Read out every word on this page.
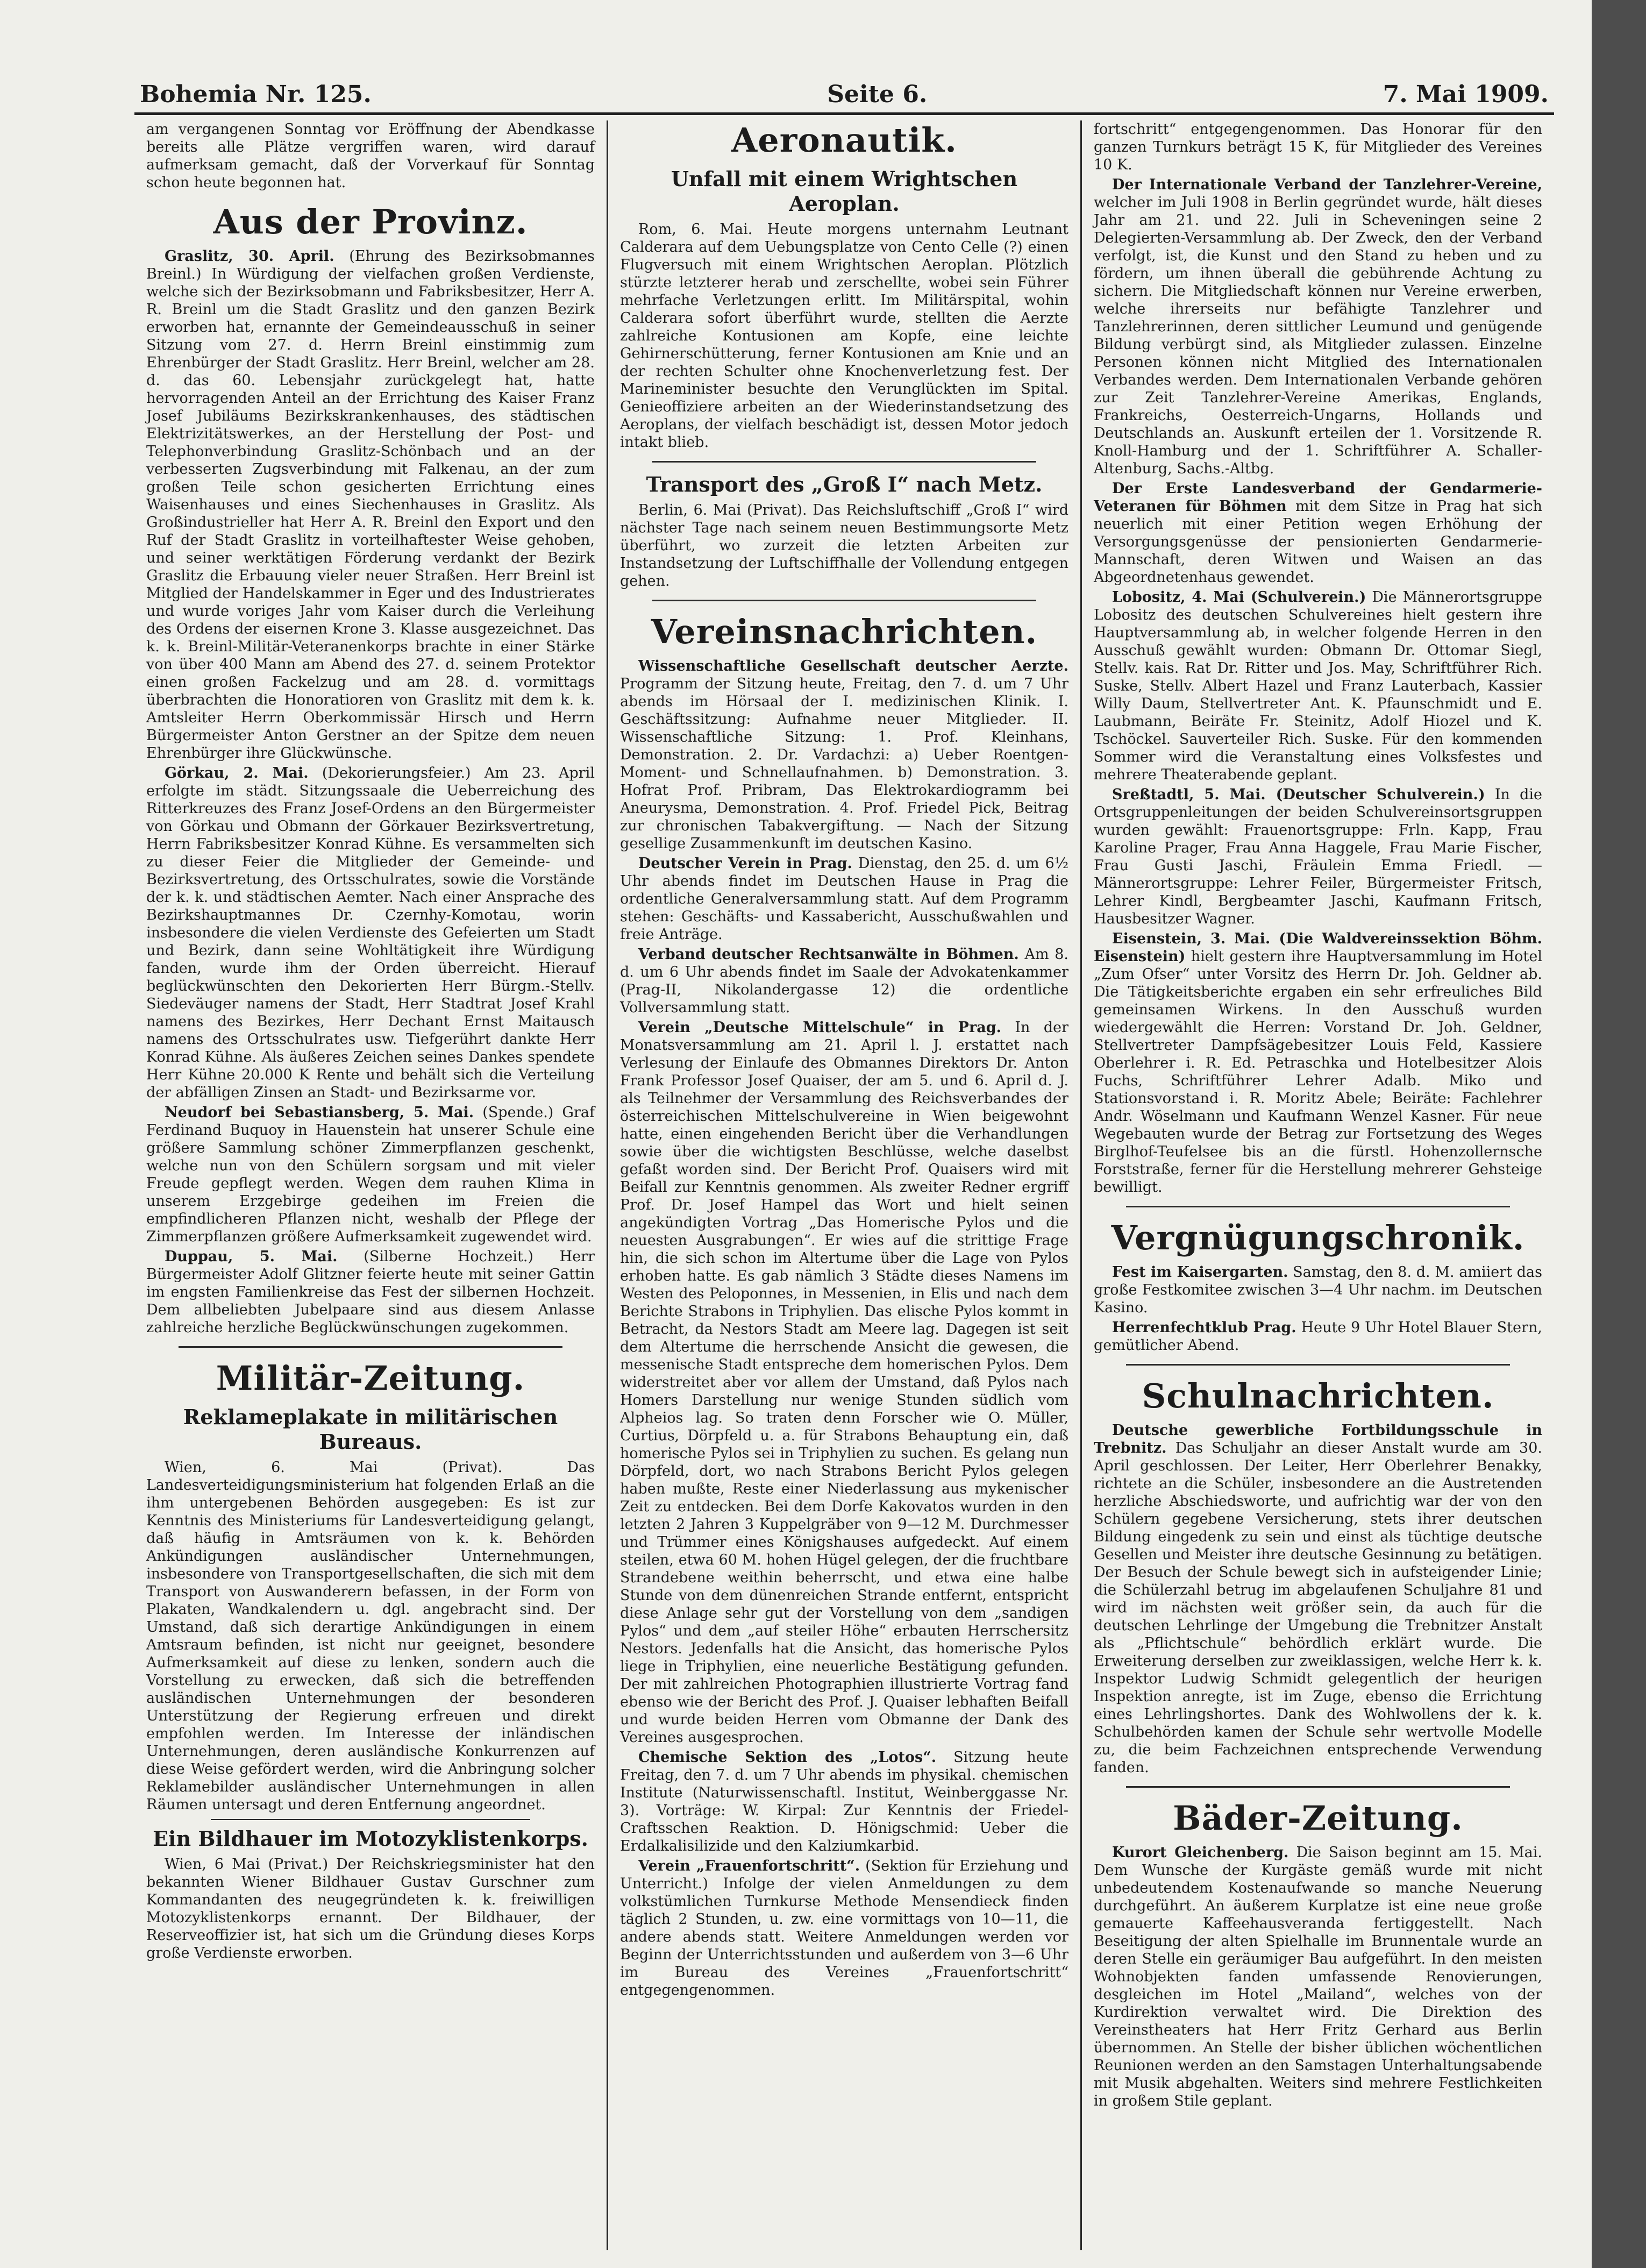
Bohemia Nr. 125.	Seite 6.	7. Mai 1909.

am vergangenen Sonntag vor Eröffnung der Abendkasse bereits alle Plätze vergriffen waren, wird darauf aufmerksam gemacht, daß der Vorverkauf für Sonntag schon heute begonnen hat.

Aus der Provinz.

Graslitz, 30. April. (Ehrung des Bezirksobmannes Breinl.) In Würdigung der vielfachen großen Verdienste, welche sich der Bezirksobmann und Fabriksbesitzer, Herr A. R. Breinl um die Stadt Graslitz und den ganzen Bezirk erworben hat, ernannte der Gemeindeausschuß in seiner Sitzung vom 27. d. Herrn Breinl einstimmig zum Ehrenbürger der Stadt Graslitz. Herr Breinl, welcher am 28. d. das 60. Lebensjahr zurückgelegt hat, hatte hervorragenden Anteil an der Errichtung des Kaiser Franz Josef Jubiläums Bezirkskrankenhauses, des städtischen Elektrizitätswerkes, an der Herstellung der Post- und Telephonverbindung Graslitz-Schönbach und an der verbesserten Zugsverbindung mit Falkenau, an der zum großen Teile schon gesicherten Errichtung eines Waisenhauses und eines Siechenhauses in Graslitz. Als Großindustrieller hat Herr A. R. Breinl den Export und den Ruf der Stadt Graslitz in vorteilhaftester Weise gehoben, und seiner werktätigen Förderung verdankt der Bezirk Graslitz die Erbauung vieler neuer Straßen. Herr Breinl ist Mitglied der Handelskammer in Eger und des Industrierates und wurde voriges Jahr vom Kaiser durch die Verleihung des Ordens der eisernen Krone 3. Klasse ausgezeichnet. Das k. k. Breinl-Militär-Veteranenkorps brachte in einer Stärke von über 400 Mann am Abend des 27. d. seinem Protektor einen großen Fackelzug und am 28. d. vormittags überbrachten die Honoratioren von Graslitz mit dem k. k. Amtsleiter Herrn Oberkommissär Hirsch und Herrn Bürgermeister Anton Gerstner an der Spitze dem neuen Ehrenbürger ihre Glückwünsche.

Görkau, 2. Mai. (Dekorierungsfeier.) Am 23. April erfolgte im städt. Sitzungssaale die Ueberreichung des Ritterkreuzes des Franz Josef-Ordens an den Bürgermeister von Görkau und Obmann der Görkauer Bezirksvertretung, Herrn Fabriksbesitzer Konrad Kühne. Es versammelten sich zu dieser Feier die Mitglieder der Gemeinde- und Bezirksvertretung, des Ortsschulrates, sowie die Vorstände der k. k. und städtischen Aemter. Nach einer Ansprache des Bezirkshauptmannes Dr. Czernhy-Komotau, worin insbesondere die vielen Verdienste des Gefeierten um Stadt und Bezirk, dann seine Wohltätigkeit ihre Würdigung fanden, wurde ihm der Orden überreicht. Hierauf beglückwünschten den Dekorierten Herr Bürgm.-Stellv. Siedeväuger namens der Stadt, Herr Stadtrat Josef Krahl namens des Bezirkes, Herr Dechant Ernst Maitausch namens des Ortsschulrates usw. Tiefgerührt dankte Herr Konrad Kühne. Als äußeres Zeichen seines Dankes spendete Herr Kühne 20.000 K Rente und behält sich die Verteilung der abfälligen Zinsen an Stadt- und Bezirksarme vor.

Neudorf bei Sebastiansberg, 5. Mai. (Spende.) Graf Ferdinand Buquoy in Hauenstein hat unserer Schule eine größere Sammlung schöner Zimmerpflanzen geschenkt, welche nun von den Schülern sorgsam und mit vieler Freude gepflegt werden. Wegen dem rauhen Klima in unserem Erzgebirge gedeihen im Freien die empfindlicheren Pflanzen nicht, weshalb der Pflege der Zimmerpflanzen größere Aufmerksamkeit zugewendet wird.

Duppau, 5. Mai. (Silberne Hochzeit.) Herr Bürgermeister Adolf Glitzner feierte heute mit seiner Gattin im engsten Familienkreise das Fest der silbernen Hochzeit. Dem allbeliebten Jubelpaare sind aus diesem Anlasse zahlreiche herzliche Beglückwünschungen zugekommen.

Militär-Zeitung.
Reklameplakate in militärischen Bureaus.

Wien, 6. Mai (Privat). Das Landesverteidigungsministerium hat folgenden Erlaß an die ihm untergebenen Behörden ausgegeben: Es ist zur Kenntnis des Ministeriums für Landesverteidigung gelangt, daß häufig in Amtsräumen von k. k. Behörden Ankündigungen ausländischer Unternehmungen, insbesondere von Transportgesellschaften, die sich mit dem Transport von Auswanderern befassen, in der Form von Plakaten, Wandkalendern u. dgl. angebracht sind. Der Umstand, daß sich derartige Ankündigungen in einem Amtsraum befinden, ist nicht nur geeignet, besondere Aufmerksamkeit auf diese zu lenken, sondern auch die Vorstellung zu erwecken, daß sich die betreffenden ausländischen Unternehmungen der besonderen Unterstützung der Regierung erfreuen und direkt empfohlen werden. Im Interesse der inländischen Unternehmungen, deren ausländische Konkurrenzen auf diese Weise gefördert werden, wird die Anbringung solcher Reklamebilder ausländischer Unternehmungen in allen Räumen untersagt und deren Entfernung angeordnet.

Ein Bildhauer im Motozyklistenkorps.

Wien, 6 Mai (Privat.) Der Reichskriegsminister hat den bekannten Wiener Bildhauer Gustav Gurschner zum Kommandanten des neugegründeten k. k. freiwilligen Motozyklistenkorps ernannt. Der Bildhauer, der Reserveoffizier ist, hat sich um die Gründung dieses Korps große Verdienste erworben.

Aeronautik.
Unfall mit einem Wrightschen Aeroplan.

Rom, 6. Mai. Heute morgens unternahm Leutnant Calderara auf dem Uebungsplatze von Cento Celle (?) einen Flugversuch mit einem Wrightschen Aeroplan. Plötzlich stürzte letzterer herab und zerschellte, wobei sein Führer mehrfache Verletzungen erlitt. Im Militärspital, wohin Calderara sofort überführt wurde, stellten die Aerzte zahlreiche Kontusionen am Kopfe, eine leichte Gehirnerschütterung, ferner Kontusionen am Knie und an der rechten Schulter ohne Knochenverletzung fest. Der Marineminister besuchte den Verunglückten im Spital. Genieoffiziere arbeiten an der Wiederinstandsetzung des Aeroplans, der vielfach beschädigt ist, dessen Motor jedoch intakt blieb.

Transport des „Groß I“ nach Metz.

Berlin, 6. Mai (Privat). Das Reichsluftschiff „Groß I“ wird nächster Tage nach seinem neuen Bestimmungsorte Metz überführt, wo zurzeit die letzten Arbeiten zur Instandsetzung der Luftschiffhalle der Vollendung entgegen gehen.

Vereinsnachrichten.

Wissenschaftliche Gesellschaft deutscher Aerzte. Programm der Sitzung heute, Freitag, den 7. d. um 7 Uhr abends im Hörsaal der I. medizinischen Klinik. I. Geschäftssitzung: Aufnahme neuer Mitglieder. II. Wissenschaftliche Sitzung: 1. Prof. Kleinhans, Demonstration. 2. Dr. Vardachzi: a) Ueber Roentgen-Moment- und Schnellaufnahmen. b) Demonstration. 3. Hofrat Prof. Pribram, Das Elektrokardiogramm bei Aneurysma, Demonstration. 4. Prof. Friedel Pick, Beitrag zur chronischen Tabakvergiftung. — Nach der Sitzung gesellige Zusammenkunft im deutschen Kasino.

Deutscher Verein in Prag. Dienstag, den 25. d. um 6½ Uhr abends findet im Deutschen Hause in Prag die ordentliche Generalversammlung statt. Auf dem Programm stehen: Geschäfts- und Kassabericht, Ausschußwahlen und freie Anträge.

Verband deutscher Rechtsanwälte in Böhmen. Am 8. d. um 6 Uhr abends findet im Saale der Advokatenkammer (Prag-II, Nikolandergasse 12) die ordentliche Vollversammlung statt.

Verein „Deutsche Mittelschule“ in Prag. In der Monatsversammlung am 21. April l. J. erstattet nach Verlesung der Einlaufe des Obmannes Direktors Dr. Anton Frank Professor Josef Quaiser, der am 5. und 6. April d. J. als Teilnehmer der Versammlung des Reichsverbandes der österreichischen Mittelschulvereine in Wien beigewohnt hatte, einen eingehenden Bericht über die Verhandlungen sowie über die wichtigsten Beschlüsse, welche daselbst gefaßt worden sind. Der Bericht Prof. Quaisers wird mit Beifall zur Kenntnis genommen. Als zweiter Redner ergriff Prof. Dr. Josef Hampel das Wort und hielt seinen angekündigten Vortrag „Das Homerische Pylos und die neuesten Ausgrabungen“. Er wies auf die strittige Frage hin, die sich schon im Altertume über die Lage von Pylos erhoben hatte. Es gab nämlich 3 Städte dieses Namens im Westen des Peloponnes, in Messenien, in Elis und nach dem Berichte Strabons in Triphylien. Das elische Pylos kommt in Betracht, da Nestors Stadt am Meere lag. Dagegen ist seit dem Altertume die herrschende Ansicht die gewesen, die messenische Stadt entspreche dem homerischen Pylos. Dem widerstreitet aber vor allem der Umstand, daß Pylos nach Homers Darstellung nur wenige Stunden südlich vom Alpheios lag. So traten denn Forscher wie O. Müller, Curtius, Dörpfeld u. a. für Strabons Behauptung ein, daß homerische Pylos sei in Triphylien zu suchen. Es gelang nun Dörpfeld, dort, wo nach Strabons Bericht Pylos gelegen haben mußte, Reste einer Niederlassung aus mykenischer Zeit zu entdecken. Bei dem Dorfe Kakovatos wurden in den letzten 2 Jahren 3 Kuppelgräber von 9—12 M. Durchmesser und Trümmer eines Königshauses aufgedeckt. Auf einem steilen, etwa 60 M. hohen Hügel gelegen, der die fruchtbare Strandebene weithin beherrscht, und etwa eine halbe Stunde von dem dünenreichen Strande entfernt, entspricht diese Anlage sehr gut der Vorstellung von dem „sandigen Pylos“ und dem „auf steiler Höhe“ erbauten Herrschersitz Nestors. Jedenfalls hat die Ansicht, das homerische Pylos liege in Triphylien, eine neuerliche Bestätigung gefunden. Der mit zahlreichen Photographien illustrierte Vortrag fand ebenso wie der Bericht des Prof. J. Quaiser lebhaften Beifall und wurde beiden Herren vom Obmanne der Dank des Vereines ausgesprochen.

Chemische Sektion des „Lotos“. Sitzung heute Freitag, den 7. d. um 7 Uhr abends im physikal. chemischen Institute (Naturwissenschaftl. Institut, Weinberggasse Nr. 3). Vorträge: W. Kirpal: Zur Kenntnis der Friedel-Craftsschen Reaktion. D. Hönigschmid: Ueber die Erdalkalisilizide und den Kalziumkarbid.

Verein „Frauenfortschritt“. (Sektion für Erziehung und Unterricht.) Infolge der vielen Anmeldungen zu dem volkstümlichen Turnkurse Methode Mensendieck finden täglich 2 Stunden, u. zw. eine vormittags von 10—11, die andere abends statt. Weitere Anmeldungen werden vor Beginn der Unterrichtsstunden und außerdem von 3—6 Uhr im Bureau des Vereines „Frauenfortschritt“ entgegengenommen.

fortschritt“ entgegengenommen. Das Honorar für den ganzen Turnkurs beträgt 15 K, für Mitglieder des Vereines 10 K.

Der Internationale Verband der Tanzlehrer-Vereine, welcher im Juli 1908 in Berlin gegründet wurde, hält dieses Jahr am 21. und 22. Juli in Scheveningen seine 2 Delegierten-Versammlung ab. Der Zweck, den der Verband verfolgt, ist, die Kunst und den Stand zu heben und zu fördern, um ihnen überall die gebührende Achtung zu sichern. Die Mitgliedschaft können nur Vereine erwerben, welche ihrerseits nur befähigte Tanzlehrer und Tanzlehrerinnen, deren sittlicher Leumund und genügende Bildung verbürgt sind, als Mitglieder zulassen. Einzelne Personen können nicht Mitglied des Internationalen Verbandes werden. Dem Internationalen Verbande gehören zur Zeit Tanzlehrer-Vereine Amerikas, Englands, Frankreichs, Oesterreich-Ungarns, Hollands und Deutschlands an. Auskunft erteilen der 1. Vorsitzende R. Knoll-Hamburg und der 1. Schriftführer A. Schaller-Altenburg, Sachs.-Altbg.

Der Erste Landesverband der Gendarmerie-Veteranen für Böhmen mit dem Sitze in Prag hat sich neuerlich mit einer Petition wegen Erhöhung der Versorgungsgenüsse der pensionierten Gendarmerie-Mannschaft, deren Witwen und Waisen an das Abgeordnetenhaus gewendet.

Lobositz, 4. Mai (Schulverein.) Die Männerortsgruppe Lobositz des deutschen Schulvereines hielt gestern ihre Hauptversammlung ab, in welcher folgende Herren in den Ausschuß gewählt wurden: Obmann Dr. Ottomar Siegl, Stellv. kais. Rat Dr. Ritter und Jos. May, Schriftführer Rich. Suske, Stellv. Albert Hazel und Franz Lauterbach, Kassier Willy Daum, Stellvertreter Ant. K. Pfaunschmidt und E. Laubmann, Beiräte Fr. Steinitz, Adolf Hiozel und K. Tschöckel. Sauverteiler Rich. Suske. Für den kommenden Sommer wird die Veranstaltung eines Volksfestes und mehrere Theaterabende geplant.

Sreßtadtl, 5. Mai. (Deutscher Schulverein.) In die Ortsgruppenleitungen der beiden Schulvereinsortsgruppen wurden gewählt: Frauenortsgruppe: Frln. Kapp, Frau Karoline Prager, Frau Anna Haggele, Frau Marie Fischer, Frau Gusti Jaschi, Fräulein Emma Friedl. — Männerortsgruppe: Lehrer Feiler, Bürgermeister Fritsch, Lehrer Kindl, Bergbeamter Jaschi, Kaufmann Fritsch, Hausbesitzer Wagner.

Eisenstein, 3. Mai. (Die Waldvereinssektion Böhm. Eisenstein) hielt gestern ihre Hauptversammlung im Hotel „Zum Ofser“ unter Vorsitz des Herrn Dr. Joh. Geldner ab. Die Tätigkeitsberichte ergaben ein sehr erfreuliches Bild gemeinsamen Wirkens. In den Ausschuß wurden wiedergewählt die Herren: Vorstand Dr. Joh. Geldner, Stellvertreter Dampfsägebesitzer Louis Feld, Kassiere Oberlehrer i. R. Ed. Petraschka und Hotelbesitzer Alois Fuchs, Schriftführer Lehrer Adalb. Miko und Stationsvorstand i. R. Moritz Abele; Beiräte: Fachlehrer Andr. Wöselmann und Kaufmann Wenzel Kasner. Für neue Wegebauten wurde der Betrag zur Fortsetzung des Weges Birglhof-Teufelsee bis an die fürstl. Hohenzollernsche Forststraße, ferner für die Herstellung mehrerer Gehsteige bewilligt.

Vergnügungschronik.

Fest im Kaisergarten. Samstag, den 8. d. M. amiiert das große Festkomitee zwischen 3—4 Uhr nachm. im Deutschen Kasino.

Herrenfechtklub Prag. Heute 9 Uhr Hotel Blauer Stern, gemütlicher Abend.

Schulnachrichten.

Deutsche gewerbliche Fortbildungsschule in Trebnitz. Das Schuljahr an dieser Anstalt wurde am 30. April geschlossen. Der Leiter, Herr Oberlehrer Benakky, richtete an die Schüler, insbesondere an die Austretenden herzliche Abschiedsworte, und aufrichtig war der von den Schülern gegebene Versicherung, stets ihrer deutschen Bildung eingedenk zu sein und einst als tüchtige deutsche Gesellen und Meister ihre deutsche Gesinnung zu betätigen. Der Besuch der Schule bewegt sich in aufsteigender Linie; die Schülerzahl betrug im abgelaufenen Schuljahre 81 und wird im nächsten weit größer sein, da auch für die deutschen Lehrlinge der Umgebung die Trebnitzer Anstalt als „Pflichtschule“ behördlich erklärt wurde. Die Erweiterung derselben zur zweiklassigen, welche Herr k. k. Inspektor Ludwig Schmidt gelegentlich der heurigen Inspektion anregte, ist im Zuge, ebenso die Errichtung eines Lehrlingshortes. Dank des Wohlwollens der k. k. Schulbehörden kamen der Schule sehr wertvolle Modelle zu, die beim Fachzeichnen entsprechende Verwendung fanden.

Bäder-Zeitung.

Kurort Gleichenberg. Die Saison beginnt am 15. Mai. Dem Wunsche der Kurgäste gemäß wurde mit nicht unbedeutendem Kostenaufwande so manche Neuerung durchgeführt. An äußerem Kurplatze ist eine neue große gemauerte Kaffeehausveranda fertiggestellt. Nach Beseitigung der alten Spielhalle im Brunnentale wurde an deren Stelle ein geräumiger Bau aufgeführt. In den meisten Wohnobjekten fanden umfassende Renovierungen, desgleichen im Hotel „Mailand“, welches von der Kurdirektion verwaltet wird. Die Direktion des Vereinstheaters hat Herr Fritz Gerhard aus Berlin übernommen. An Stelle der bisher üblichen wöchentlichen Reunionen werden an den Samstagen Unterhaltungsabende mit Musik abgehalten. Weiters sind mehrere Festlichkeiten in großem Stile geplant.
